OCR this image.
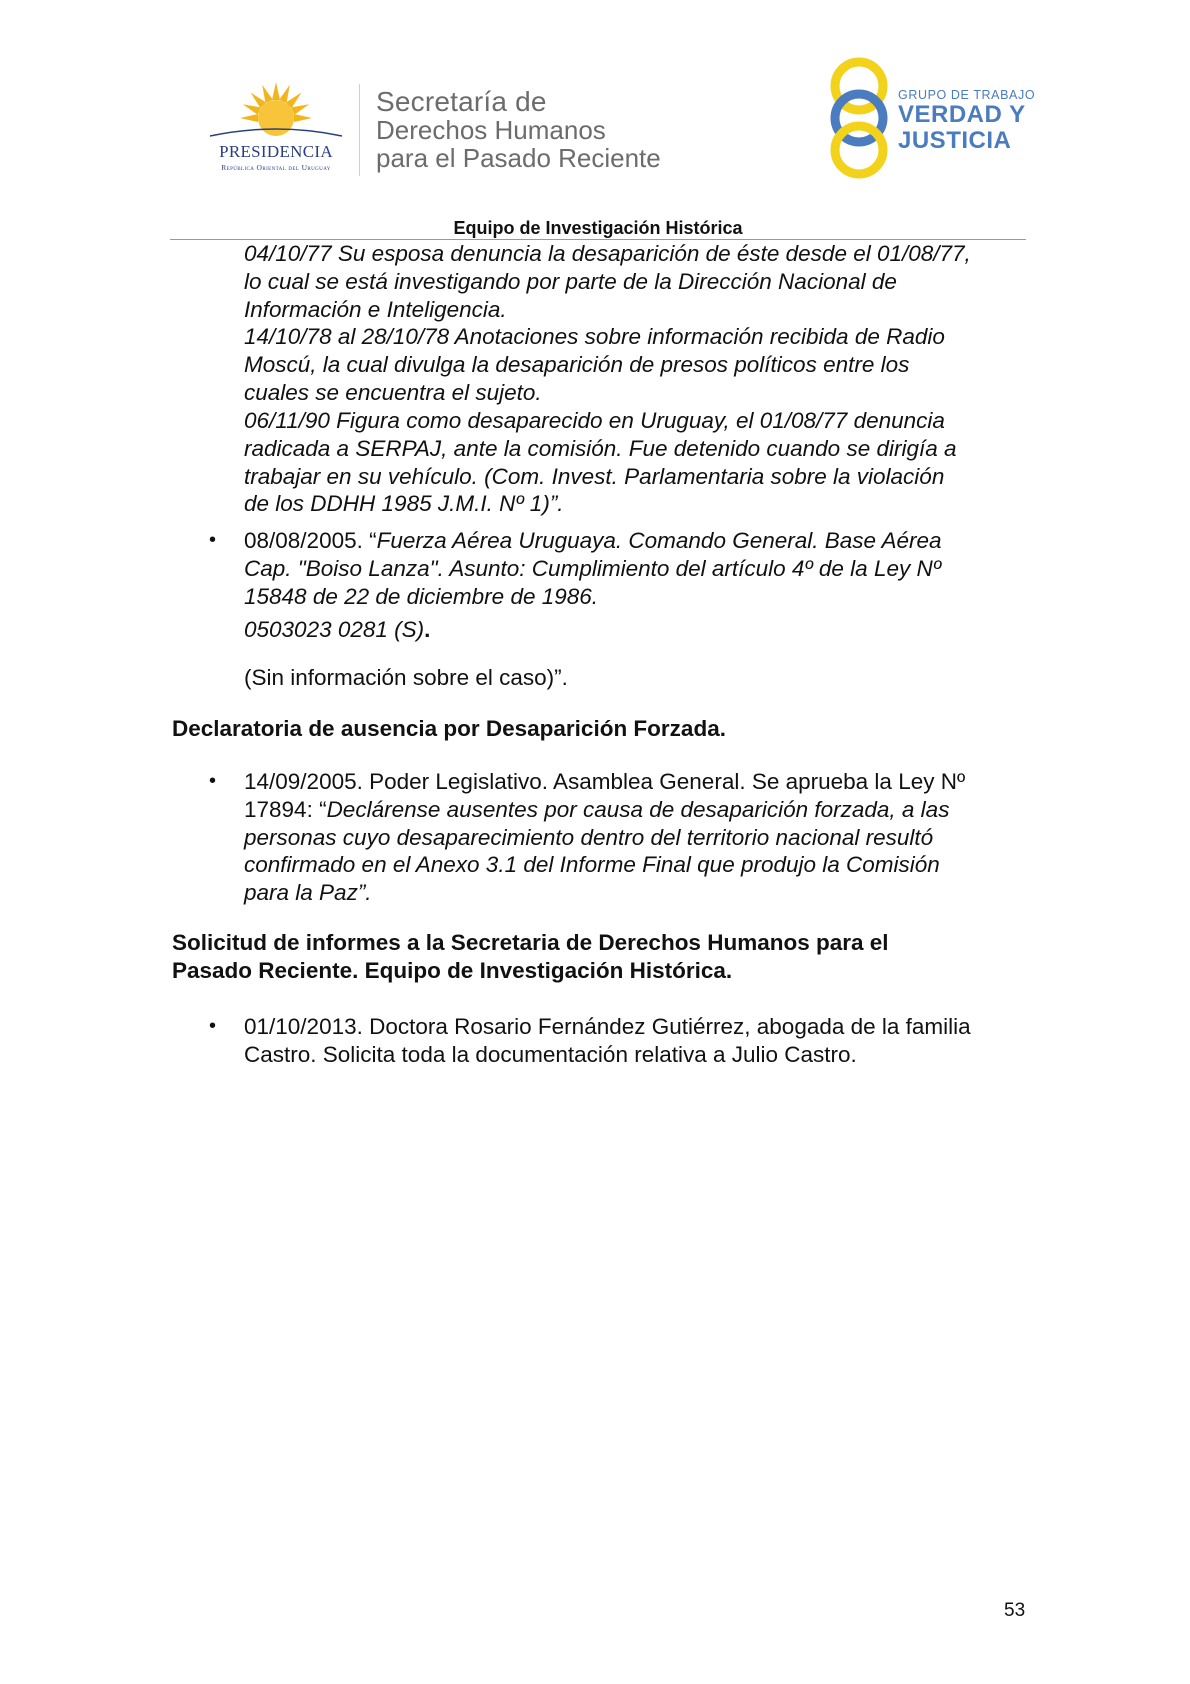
PRESIDENCIA
República Oriental del Uruguay
Secretaría de
Derechos Humanos
para el Pasado Reciente
GRUPO DE TRABAJO
VERDAD Y
JUSTICIA
Equipo de Investigación Histórica
04/10/77 Su esposa denuncia la desaparición de éste desde el 01/08/77,
lo cual se está investigando por parte de la Dirección Nacional de
Información e Inteligencia.
14/10/78 al 28/10/78 Anotaciones sobre información recibida de Radio
Moscú, la cual divulga la desaparición de presos políticos entre los
cuales se encuentra el sujeto.
06/11/90 Figura como desaparecido en Uruguay, el 01/08/77 denuncia
radicada a SERPAJ, ante la comisión. Fue detenido cuando se dirigía a
trabajar en su vehículo. (Com. Invest. Parlamentaria sobre la violación
de los DDHH 1985 J.M.I. Nº 1)”.
• 08/08/2005. “Fuerza Aérea Uruguaya. Comando General. Base Aérea
Cap. "Boiso Lanza". Asunto: Cumplimiento del artículo 4º de la Ley Nº
15848 de 22 de diciembre de 1986.
0503023 0281 (S).
(Sin información sobre el caso)”.
Declaratoria de ausencia por Desaparición Forzada.
• 14/09/2005. Poder Legislativo. Asamblea General. Se aprueba la Ley Nº
17894: “Declárense ausentes por causa de desaparición forzada, a las
personas cuyo desaparecimiento dentro del territorio nacional resultó
confirmado en el Anexo 3.1 del Informe Final que produjo la Comisión
para la Paz”.
Solicitud de informes a la Secretaria de Derechos Humanos para el
Pasado Reciente. Equipo de Investigación Histórica.
• 01/10/2013. Doctora Rosario Fernández Gutiérrez, abogada de la familia
Castro. Solicita toda la documentación relativa a Julio Castro.
53
